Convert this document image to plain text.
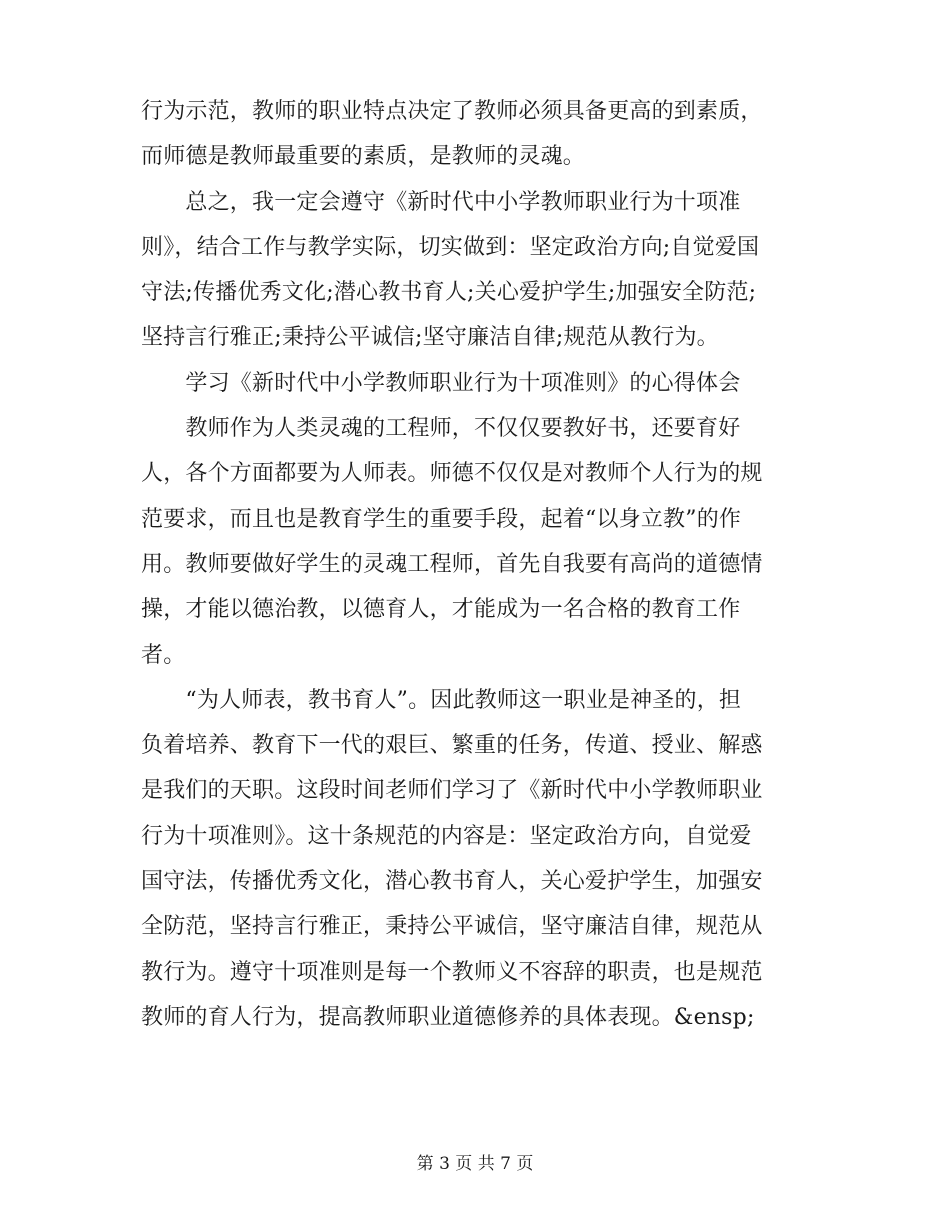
行为示范，教师的职业特点决定了教师必须具备更高的到素质，
而师德是教师最重要的素质，是教师的灵魂。
　　总之，我一定会遵守《新时代中小学教师职业行为十项准
则》，结合工作与教学实际，切实做到：坚定政治方向;自觉爱国
守法;传播优秀文化;潜心教书育人;关心爱护学生;加强安全防范;
坚持言行雅正;秉持公平诚信;坚守廉洁自律;规范从教行为。
　　学习《新时代中小学教师职业行为十项准则》的心得体会
　　教师作为人类灵魂的工程师，不仅仅要教好书，还要育好
人，各个方面都要为人师表。师德不仅仅是对教师个人行为的规
范要求，而且也是教育学生的重要手段，起着“以身立教”的作
用。教师要做好学生的灵魂工程师，首先自我要有高尚的道德情
操，才能以德治教，以德育人，才能成为一名合格的教育工作
者。
　　“为人师表，教书育人”。因此教师这一职业是神圣的，担
负着培养、教育下一代的艰巨、繁重的任务，传道、授业、解惑
是我们的天职。这段时间老师们学习了《新时代中小学教师职业
行为十项准则》。这十条规范的内容是：坚定政治方向，自觉爱
国守法，传播优秀文化，潜心教书育人，关心爱护学生，加强安
全防范，坚持言行雅正，秉持公平诚信，坚守廉洁自律，规范从
教行为。遵守十项准则是每一个教师义不容辞的职责，也是规范
教师的育人行为，提高教师职业道德修养的具体表现。&ensp;
第 3 页 共 7 页
